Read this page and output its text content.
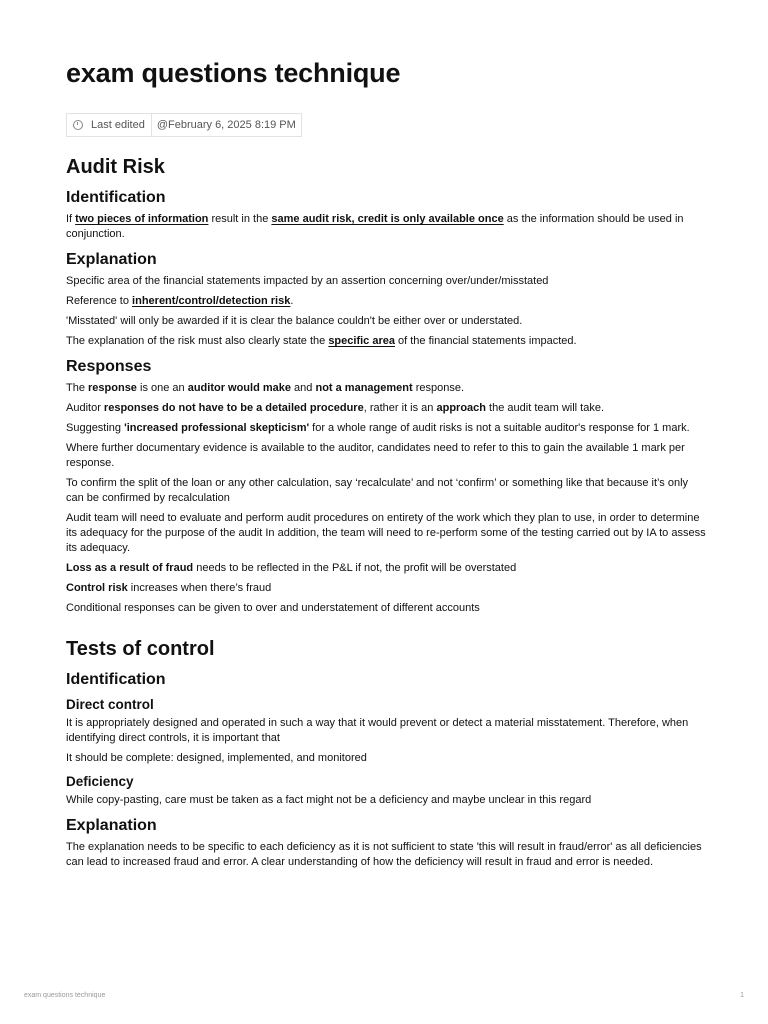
exam questions technique
Last edited	@February 6, 2025 8:19 PM
Audit Risk
Identification

If two pieces of information result in the same audit risk, credit is only available once as the information should be used in conjunction.

Explanation

Specific area of the financial statements impacted by an assertion concerning over/under/misstated

Reference to inherent/control/detection risk.

'Misstated' will only be awarded if it is clear the balance couldn't be either over or understated.

The explanation of the risk must also clearly state the specific area of the financial statements impacted.

Responses

The response is one an auditor would make and not a management response.

Auditor responses do not have to be a detailed procedure, rather it is an approach the audit team will take.

Suggesting 'increased professional skepticism' for a whole range of audit risks is not a suitable auditor's response for 1 mark.

Where further documentary evidence is available to the auditor, candidates need to refer to this to gain the available 1 mark per response.

To confirm the split of the loan or any other calculation, say ‘recalculate’ and not ‘confirm’ or something like that because it’s only can be confirmed by recalculation

Audit team will need to evaluate and perform audit procedures on entirety of the work which they plan to use, in order to determine its adequacy for the purpose of the audit In addition, the team will need to re-perform some of the testing carried out by IA to assess its adequacy.

Loss as a result of fraud needs to be reflected in the P&L if not, the profit will be overstated

Control risk increases when there’s fraud

Conditional responses can be given to over and understatement of different accounts

Tests of control
Identification
Direct control

It is appropriately designed and operated in such a way that it would prevent or detect a material misstatement. Therefore, when identifying direct controls, it is important that

It should be complete: designed, implemented, and monitored

Deficiency

While copy-pasting, care must be taken as a fact might not be a deficiency and maybe unclear in this regard

Explanation

The explanation needs to be specific to each deficiency as it is not sufficient to state 'this will result in fraud/error' as all deficiencies can lead to increased fraud and error. A clear understanding of how the deficiency will result in fraud and error is needed.

exam questions technique	1
